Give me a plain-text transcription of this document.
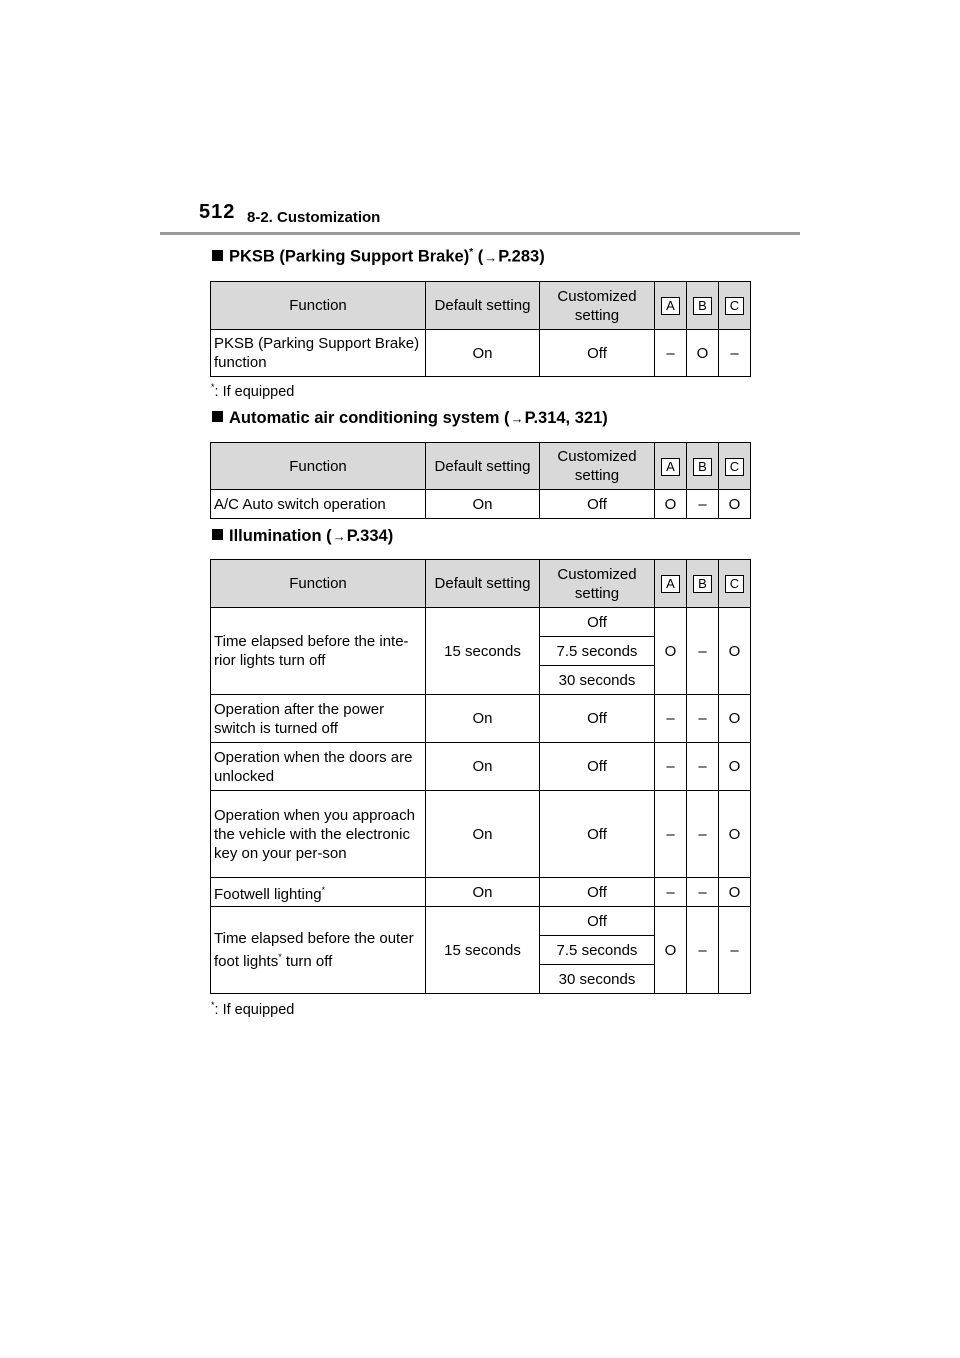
512 8-2. Customization
PKSB (Parking Support Brake)* (→P.283)
Function	Default setting	Customized setting	A	B	C
PKSB (Parking Support Brake) function	On	Off	–	O	–
*: If equipped
Automatic air conditioning system (→P.314, 321)
Function	Default setting	Customized setting	A	B	C
A/C Auto switch operation	On	Off	O	–	O
Illumination (→P.334)
Function	Default setting	Customized setting	A	B	C
Time elapsed before the inte-rior lights turn off	15 seconds	Off	O	–	O
		7.5 seconds			
		30 seconds			
Operation after the power switch is turned off	On	Off	–	–	O
Operation when the doors are unlocked	On	Off	–	–	O
Operation when you approach the vehicle with the electronic key on your per-son	On	Off	–	–	O
Footwell lighting*	On	Off	–	–	O
Time elapsed before the outer foot lights* turn off	15 seconds	Off	O	–	–
		7.5 seconds			
		30 seconds			
*: If equipped
